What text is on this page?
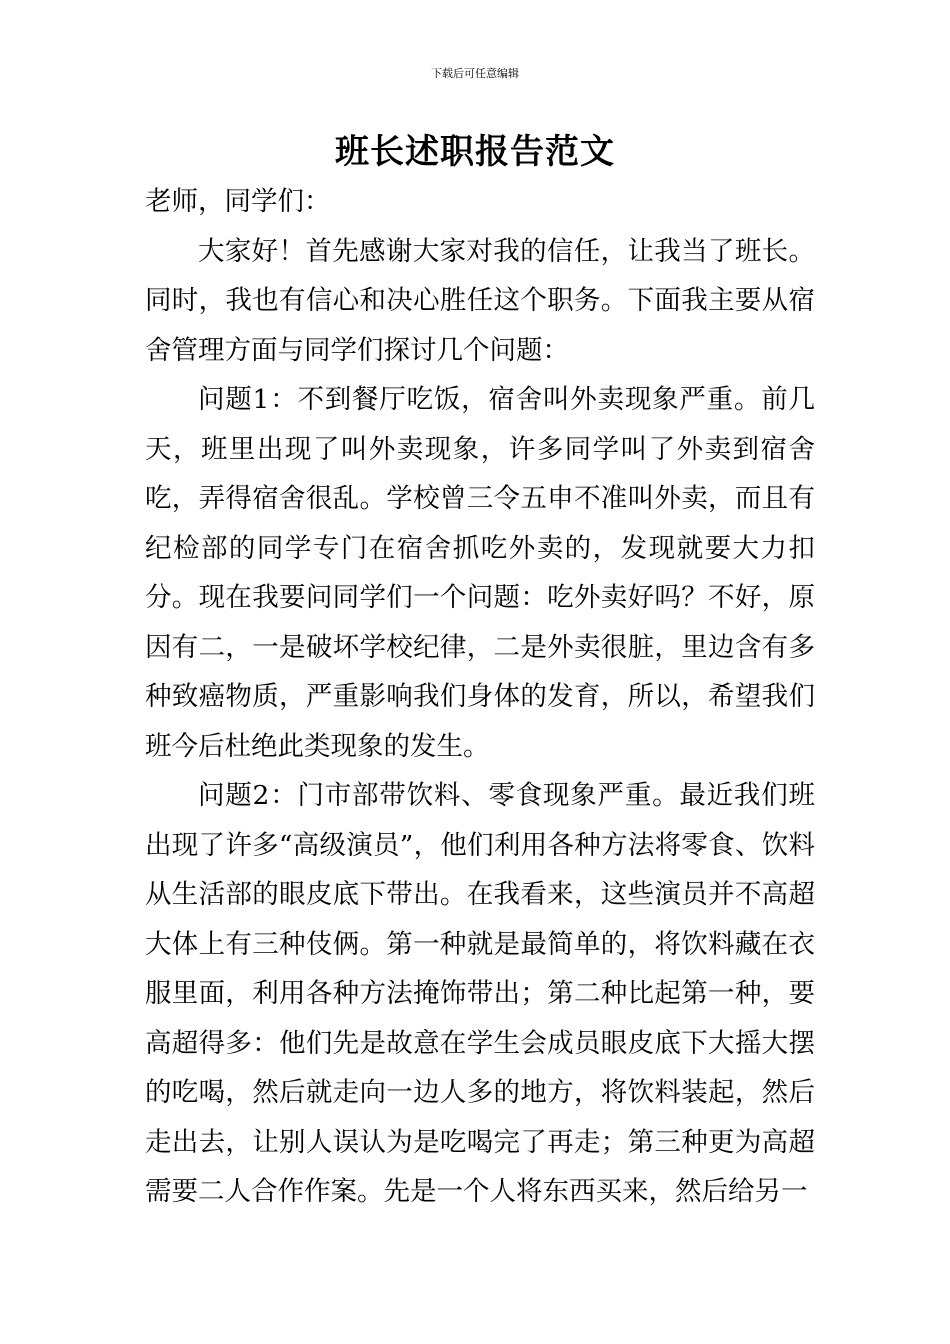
下载后可任意编辑
班长述职报告范文

老师，同学们：

大家好！首先感谢大家对我的信任，让我当了班长。同时，我也有信心和决心胜任这个职务。下面我主要从宿舍管理方面与同学们探讨几个问题：

问题1：不到餐厅吃饭，宿舍叫外卖现象严重。前几天，班里出现了叫外卖现象，许多同学叫了外卖到宿舍吃，弄得宿舍很乱。学校曾三令五申不准叫外卖，而且有纪检部的同学专门在宿舍抓吃外卖的，发现就要大力扣分。现在我要问同学们一个问题：吃外卖好吗？不好，原因有二，一是破坏学校纪律，二是外卖很脏，里边含有多种致癌物质，严重影响我们身体的发育，所以，希望我们班今后杜绝此类现象的发生。

问题2：门市部带饮料、零食现象严重。最近我们班出现了许多“高级演员”，他们利用各种方法将零食、饮料从生活部的眼皮底下带出。在我看来，这些演员并不高超大体上有三种伎俩。第一种就是最简单的，将饮料藏在衣服里面，利用各种方法掩饰带出；第二种比起第一种，要高超得多：他们先是故意在学生会成员眼皮底下大摇大摆的吃喝，然后就走向一边人多的地方，将饮料装起，然后走出去，让别人误认为是吃喝完了再走；第三种更为高超需要二人合作作案。先是一个人将东西买来，然后给另一
